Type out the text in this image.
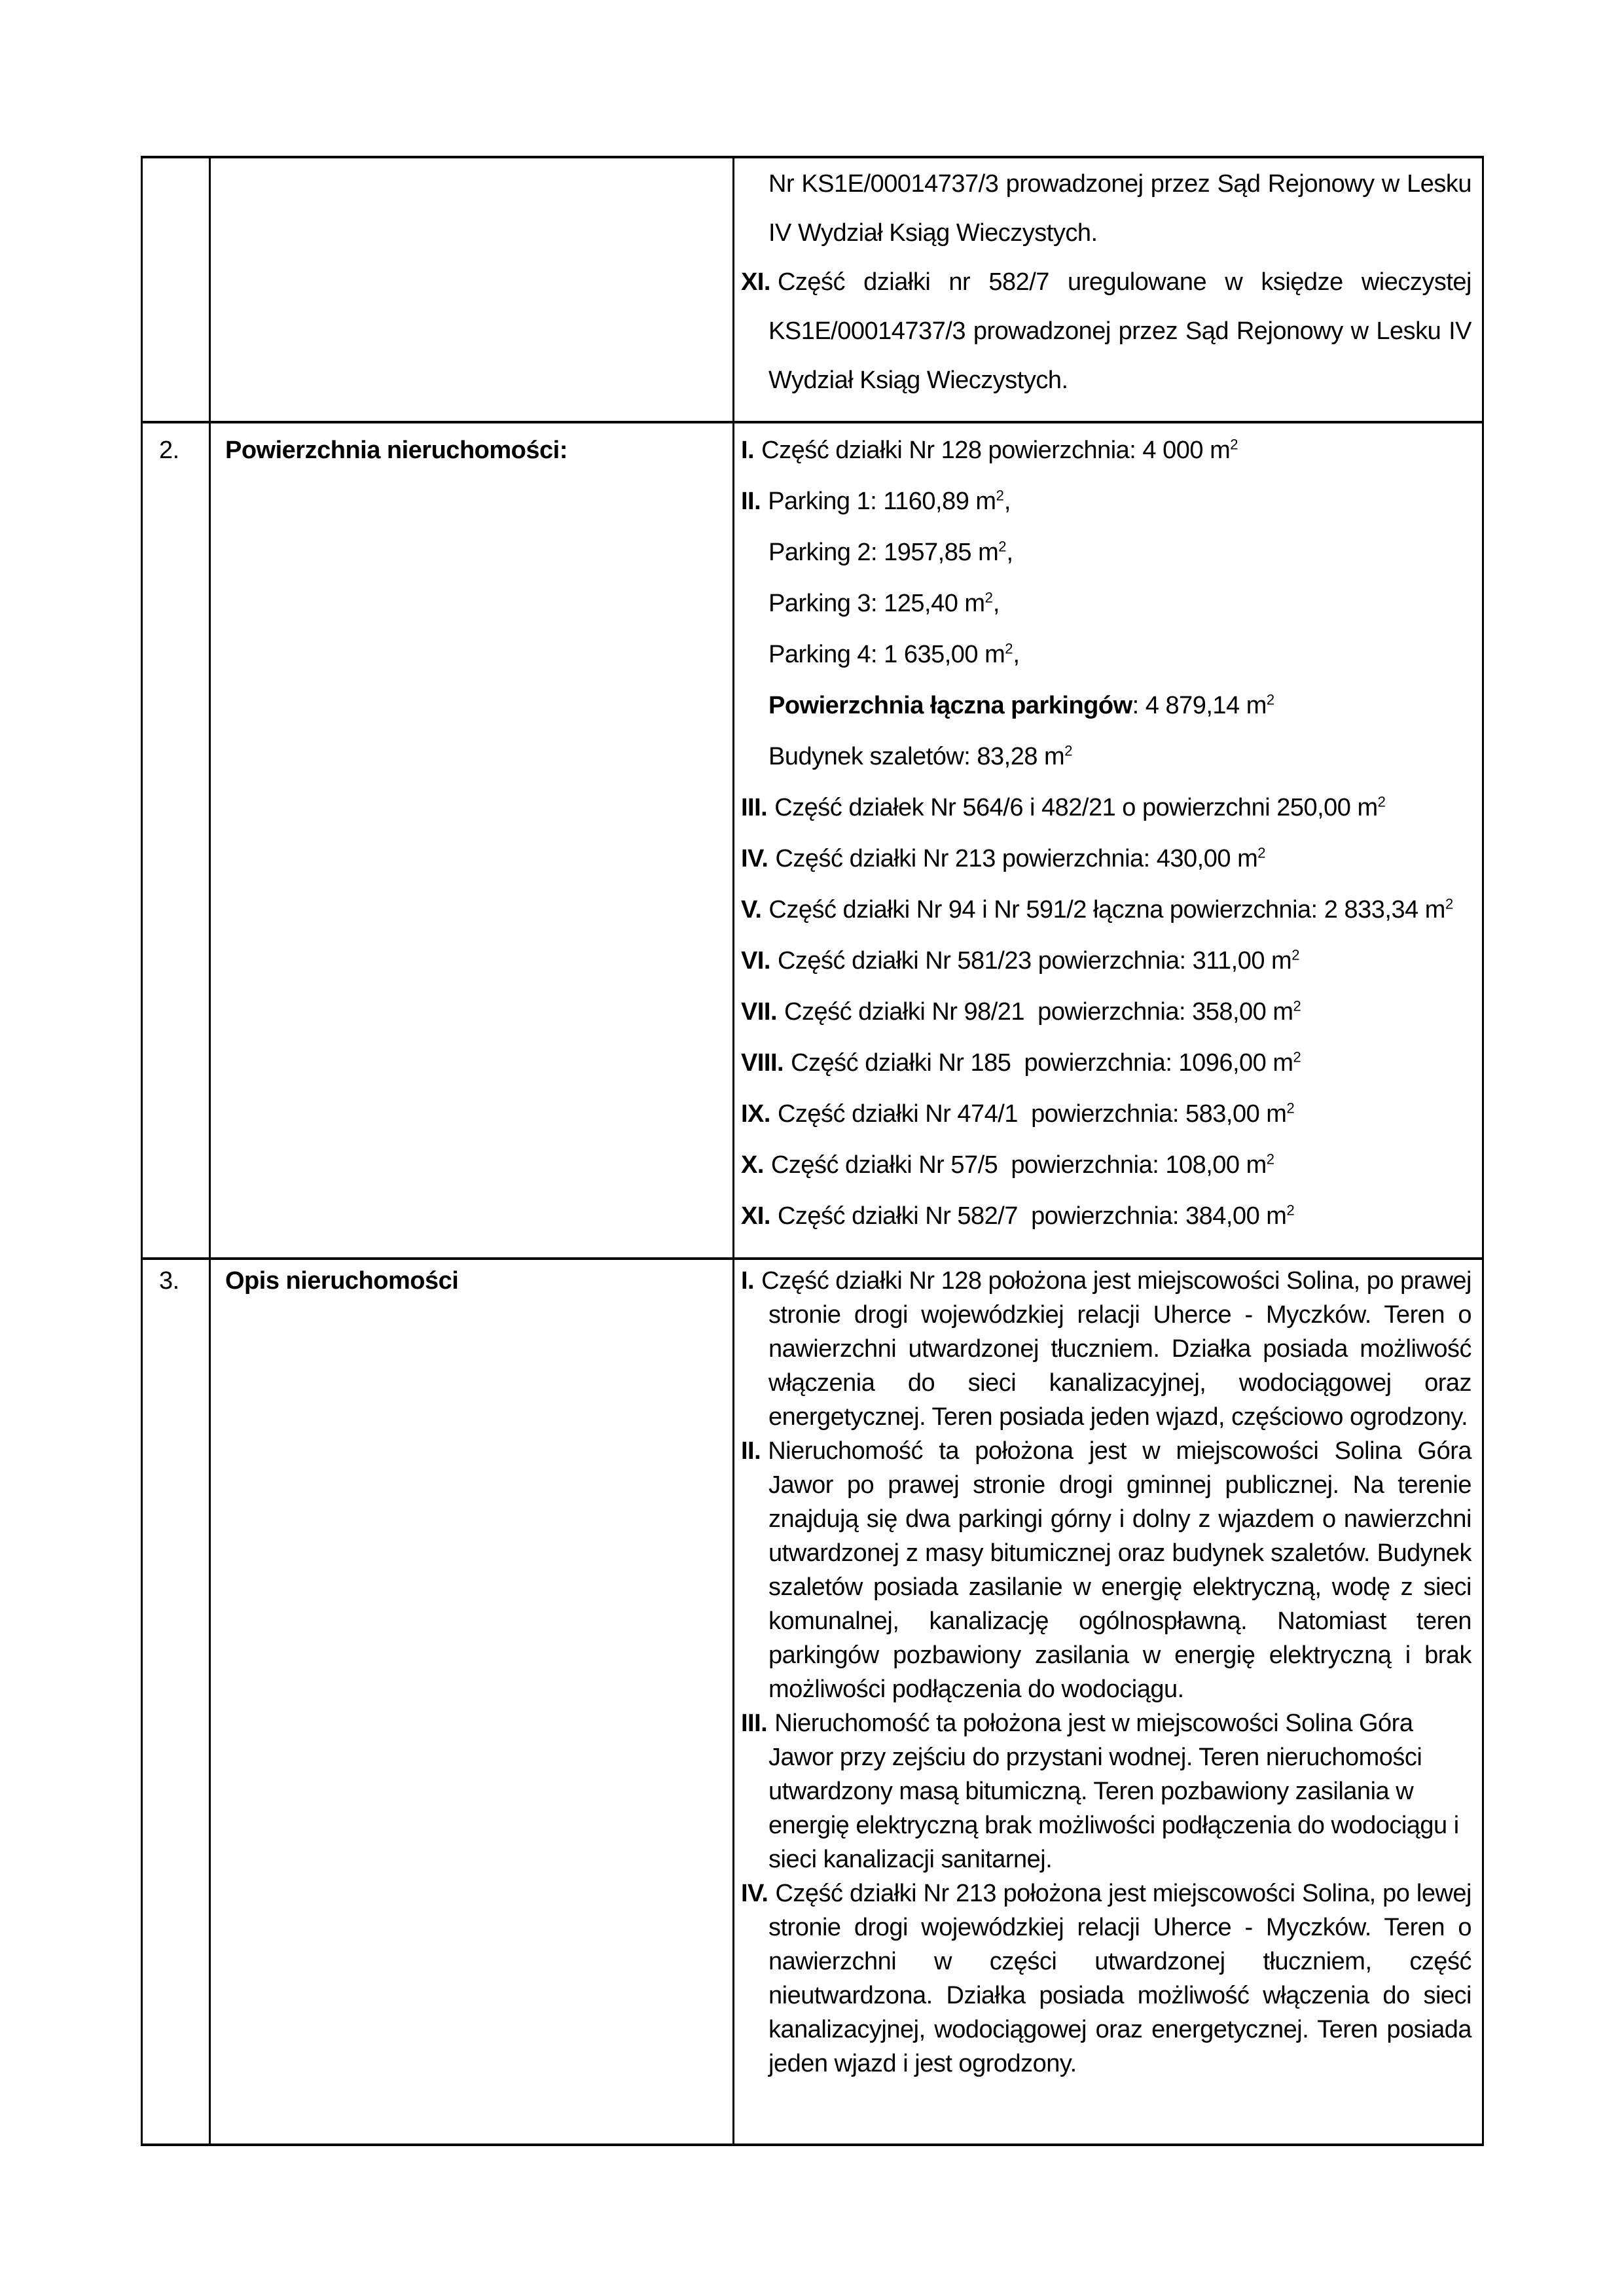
Nr KS1E/00014737/3 prowadzonej przez Sąd Rejonowy w Lesku IV Wydział Ksiąg Wieczystych.

XI. Część działki nr 582/7 uregulowane w księdze wieczystej KS1E/00014737/3 prowadzonej przez Sąd Rejonowy w Lesku IV Wydział Ksiąg Wieczystych.

2.	Powierzchnia nieruchomości:	I. Część działki Nr 128 powierzchnia: 4 000 $m^2$

II. Parking 1: 1160,89 $m^2$,

Parking 2: 1957,85 $m^2$,

Parking 3: 125,40 $m^2$,

Parking 4: 1 635,00 $m^2$,

Powierzchnia łączna parkingów: 4 879,14 $m^2$

Budynek szaletów: 83,28 $m^2$

III. Część działek Nr 564/6 i 482/21 o powierzchni 250,00 $m^2$

IV. Część działki Nr 213 powierzchnia: 430,00 $m^2$

V. Część działki Nr 94 i Nr 591/2 łączna powierzchnia: 2 833,34 $m^2$

VI. Część działki Nr 581/23 powierzchnia: 311,00 $m^2$

VII. Część działki Nr 98/21  powierzchnia: 358,00 $m^2$

VIII. Część działki Nr 185  powierzchnia: 1096,00 $m^2$

IX. Część działki Nr 474/1  powierzchnia: 583,00 $m^2$

X. Część działki Nr 57/5  powierzchnia: 108,00 $m^2$

XI. Część działki Nr 582/7  powierzchnia: 384,00 $m^2$

3.	Opis nieruchomości	I. Część działki Nr 128 położona jest miejscowości Solina, po prawej stronie drogi wojewódzkiej relacji Uherce - Myczków. Teren o nawierzchni utwardzonej tłuczniem. Działka posiada możliwość włączenia do sieci kanalizacyjnej, wodociągowej oraz energetycznej. Teren posiada jeden wjazd, częściowo ogrodzony.

II. Nieruchomość ta położona jest w miejscowości Solina Góra Jawor po prawej stronie drogi gminnej publicznej. Na terenie znajdują się dwa parkingi górny i dolny z wjazdem o nawierzchni utwardzonej z masy bitumicznej oraz budynek szaletów. Budynek szaletów posiada zasilanie w energię elektryczną, wodę z sieci komunalnej, kanalizację ogólnospławną. Natomiast teren parkingów pozbawiony zasilania w energię elektryczną i brak możliwości podłączenia do wodociągu.

III. Nieruchomość ta położona jest w miejscowości Solina Góra Jawor przy zejściu do przystani wodnej. Teren nieruchomości utwardzony masą bitumiczną. Teren pozbawiony zasilania w energię elektryczną brak możliwości podłączenia do wodociągu i sieci kanalizacji sanitarnej.

IV. Część działki Nr 213 położona jest miejscowości Solina, po lewej stronie drogi wojewódzkiej relacji Uherce - Myczków. Teren o nawierzchni w części utwardzonej tłuczniem, część nieutwardzona. Działka posiada możliwość włączenia do sieci kanalizacyjnej, wodociągowej oraz energetycznej. Teren posiada jeden wjazd i jest ogrodzony.
